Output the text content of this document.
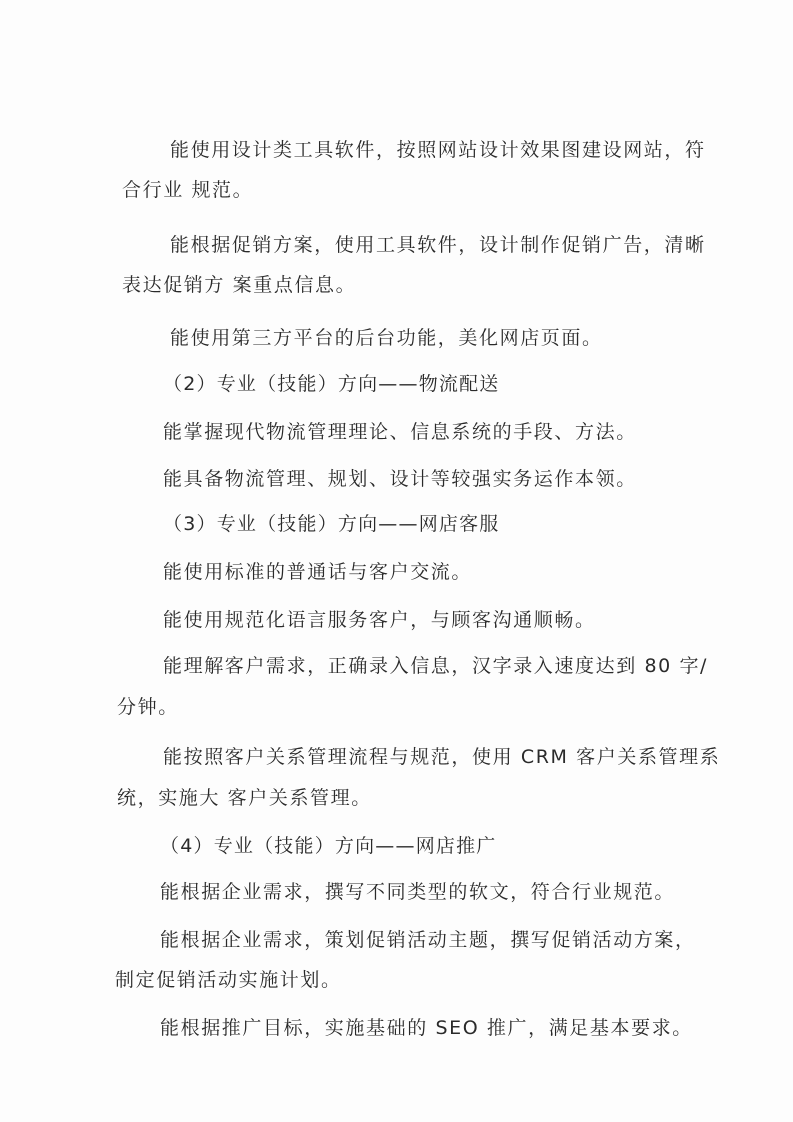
能使用设计类工具软件，按照网站设计效果图建设网站，符

合行业 规范。

能根据促销方案，使用工具软件，设计制作促销广告，清晰

表达促销方 案重点信息。

能使用第三方平台的后台功能，美化网店页面。

（2）专业（技能）方向——物流配送

能掌握现代物流管理理论、信息系统的手段、方法。

能具备物流管理、规划、设计等较强实务运作本领。

（3）专业（技能）方向——网店客服

能使用标准的普通话与客户交流。

能使用规范化语言服务客户，与顾客沟通顺畅。

能理解客户需求，正确录入信息，汉字录入速度达到 80 字/

分钟。

能按照客户关系管理流程与规范，使用 CRM 客户关系管理系

统，实施大 客户关系管理。

（4）专业（技能）方向——网店推广

能根据企业需求，撰写不同类型的软文，符合行业规范。

能根据企业需求，策划促销活动主题，撰写促销活动方案，

制定促销活动实施计划。

能根据推广目标，实施基础的 SEO 推广，满足基本要求。
